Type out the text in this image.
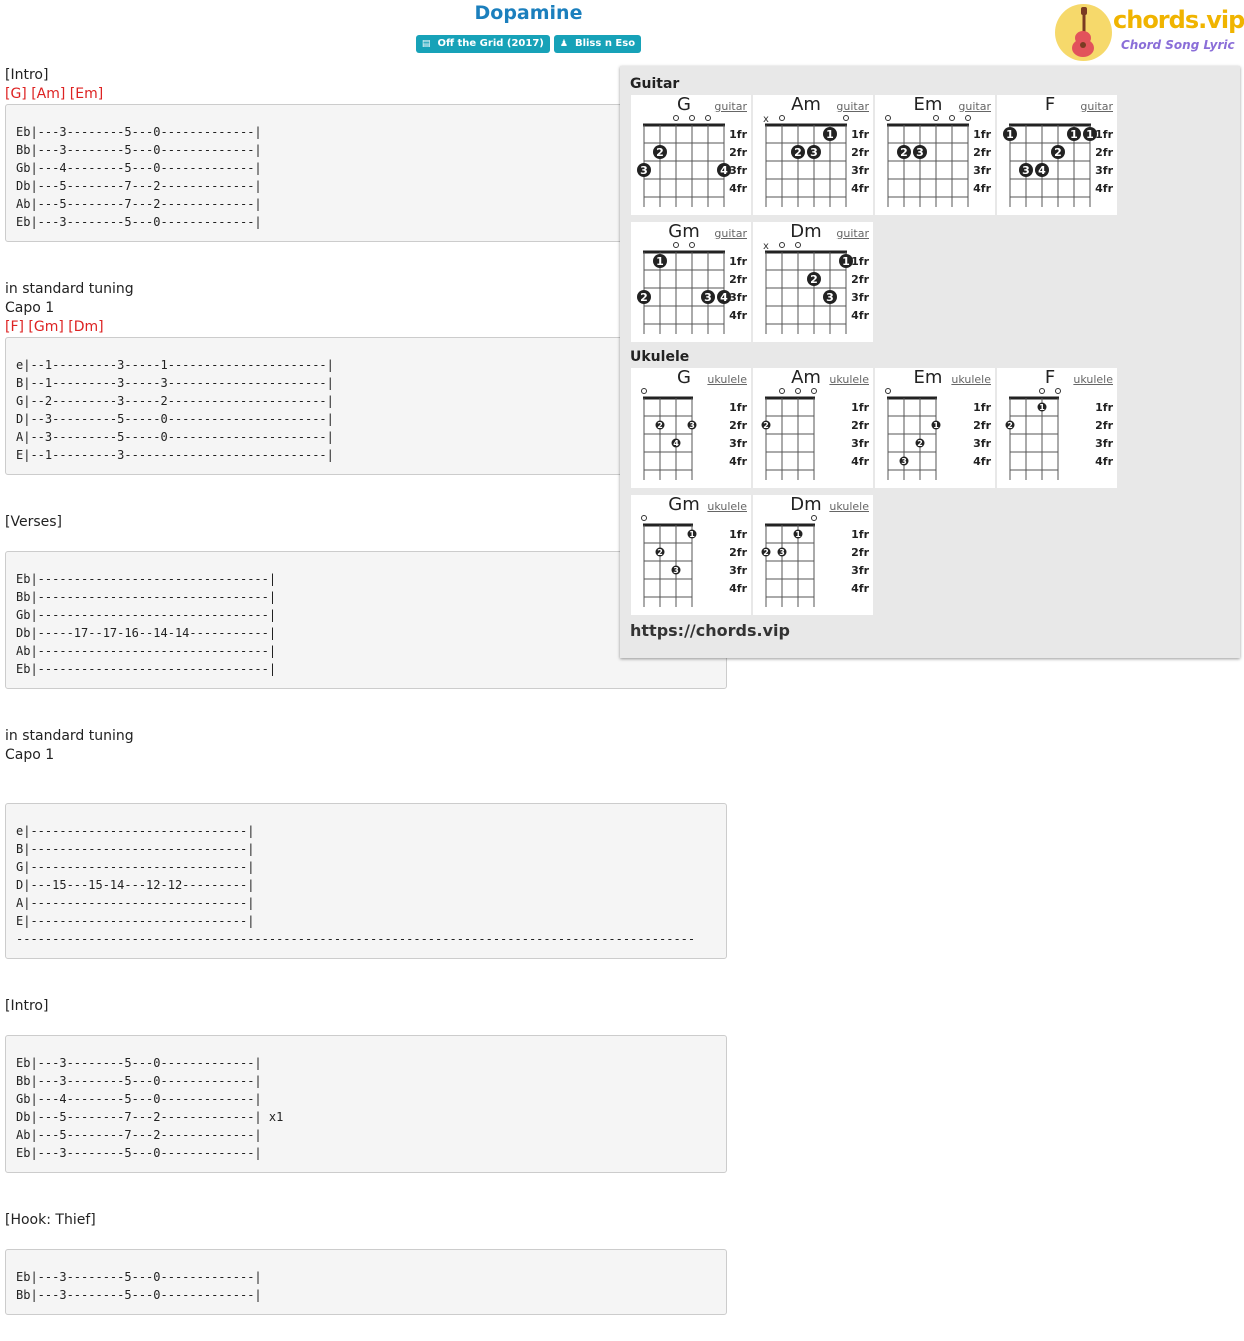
Dopamine
▤ Off the Grid (2017) ♟ Bliss n Eso
chords.vip
Chord Song Lyric
[Intro]
[G] [Am] [Em]
Eb|---3--------5---0-------------|
Bb|---3--------5---0-------------|
Gb|---4--------5---0-------------|
Db|---5--------7---2-------------|
Ab|---5--------7---2-------------|
Eb|---3--------5---0-------------|
in standard tuning
Capo 1
[F] [Gm] [Dm]
e|--1---------3-----1----------------------|
B|--1---------3-----3----------------------|
G|--2---------3-----2----------------------|
D|--3---------5-----0----------------------|
A|--3---------5-----0----------------------|
E|--1---------3----------------------------|
[Verses]
Eb|--------------------------------|
Bb|--------------------------------|
Gb|--------------------------------|
Db|-----17--17-16--14-14-----------|
Ab|--------------------------------|
Eb|--------------------------------|
in standard tuning
Capo 1
e|------------------------------|
B|------------------------------|
G|------------------------------|
D|---15---15-14---12-12---------|
A|------------------------------|
E|------------------------------|
----------------------------------------------------------------------------------------------
[Intro]
Eb|---3--------5---0-------------|
Bb|---3--------5---0-------------|
Gb|---4--------5---0-------------|
Db|---5--------7---2-------------| x1
Ab|---5--------7---2-------------|
Eb|---3--------5---0-------------|
[Hook: Thief]
Eb|---3--------5---0-------------|
Bb|---3--------5---0-------------|
Guitar
Ukulele
https://chords.vip
3
2
4
1fr
2fr
3fr
4fr
G	guitar
x
2 3
1 1fr
2fr
3fr
4fr
Am	guitar
2 3
1fr
2fr
3fr
4fr
Em	guitar
1
3 4
2
1 1 1fr
2fr
3fr
4fr
F	guitar
2
1
3 4
1fr
2fr
3fr
4fr
Gm	guitar
x
2
3
1 1fr
2fr
3fr
4fr
Dm	guitar
2
4
3
1fr
2fr
3fr
4fr
G	ukulele
2
1fr
2fr
3fr
4fr
Am ukulele
3
2
1
1fr
2fr
3fr
4fr
Em ukulele
2
1	1fr
2fr
3fr
4fr
F	ukulele
2
3
1	1fr
2fr
3fr
4fr
Gm ukulele
2 3
1	1fr
2fr
3fr
4fr
Dm ukulele
